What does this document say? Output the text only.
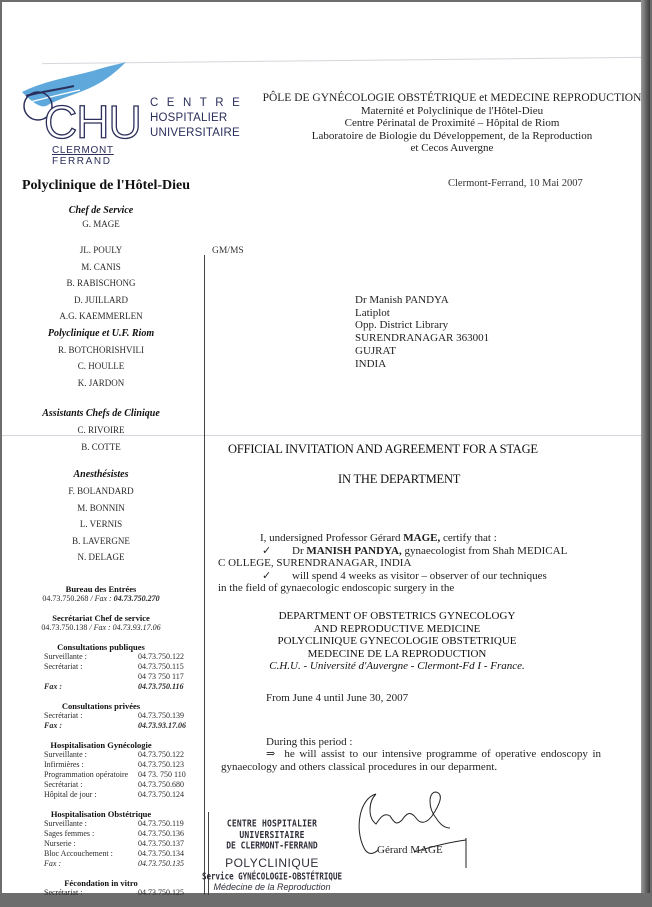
CHU CENTRE
HOSPITALIER
UNIVERSITAIRE
CLERMONT
FERRAND
Polyclinique de l'Hôtel-Dieu
PÔLE DE GYNÉCOLOGIE OBSTÉTRIQUE et MEDECINE REPRODUCTION
Maternité et Polyclinique de l'Hôtel-Dieu
Centre Périnatal de Proximité – Hôpital de Riom
Laboratoire de Biologie du Développement, de la Reproduction
et Cecos Auvergne
Clermont-Ferrand, 10 Mai 2007
Chef de Service
G. MAGE
JL. POULY
M. CANIS
B. RABISCHONG
D. JUILLARD
A.G. KAEMMERLEN
Polyclinique et U.F. Riom
R. BOTCHORISHVILI
C. HOULLE
K. JARDON
Assistants Chefs de Clinique
C. RIVOIRE
B. COTTE
Anesthésistes
F. BOLANDARD
M. BONNIN
L. VERNIS
B. LAVERGNE
N. DELAGE
Bureau des Entrées
04.73.750.268 / Fax : 04.73.750.270
Secrétariat Chef de service
04.73.750.138 / Fax : 04.73.93.17.06
Consultations publiques
Surveillante :	04.73.750.122
Secrétariat :	04.73.750.115
04 73 750 117
Fax :	04.73.750.116
Consultations privées
Secrétariat :	04.73.750.139
Fax :	04.73.93.17.06
Hospitalisation Gynécologie
Surveillante :	04.73.750.122
Infirmières :	04.73.750.123
Programmation opératoire	04 73. 750 110
Secrétariat :	04.73.750.680
Hôpital de jour :	04.73.750.124
Hospitalisation Obstétrique
Surveillante :	04.73.750.119
Sages femmes :	04.73.750.136
Nurserie :	04.73.750.137
Bloc Accouchement :	04.73.750.134
Fax :	04.73.750.135
Fécondation in vitro
Secrétariat :	04.73.750.125
GM/MS
Dr Manish PANDYA
Latiplot
Opp. District Library
SURENDRANAGAR 363001
GUJRAT
INDIA
OFFICIAL INVITATION AND AGREEMENT FOR A STAGE
IN THE DEPARTMENT
I, undersigned Professor Gérard MAGE, certify that :
✓ Dr MANISH PANDYA, gynaecologist from Shah MEDICAL
C OLLEGE, SURENDRANAGAR, INDIA
✓ will spend 4 weeks as visitor – observer of our techniques
in the field of gynaecologic endoscopic surgery in the
DEPARTMENT OF OBSTETRICS GYNECOLOGY
AND REPRODUCTIVE MEDICINE
POLYCLINIQUE GYNECOLOGIE OBSTETRIQUE
MEDECINE DE LA REPRODUCTION
C.H.U. - Université d'Auvergne - Clermont-Fd I - France.
From June 4 until June 30, 2007
During this period :
⇒ he will assist to our intensive programme of operative endoscopy in gynaecology and others classical procedures in our deparment.
Gérard MAGE
CENTRE HOSPITALIER UNIVERSITAIRE
DE CLERMONT-FERRAND
POLYCLINIQUE
Service GYNÉCOLOGIE-OBSTÉTRIQUE
Médecine de la Reproduction
